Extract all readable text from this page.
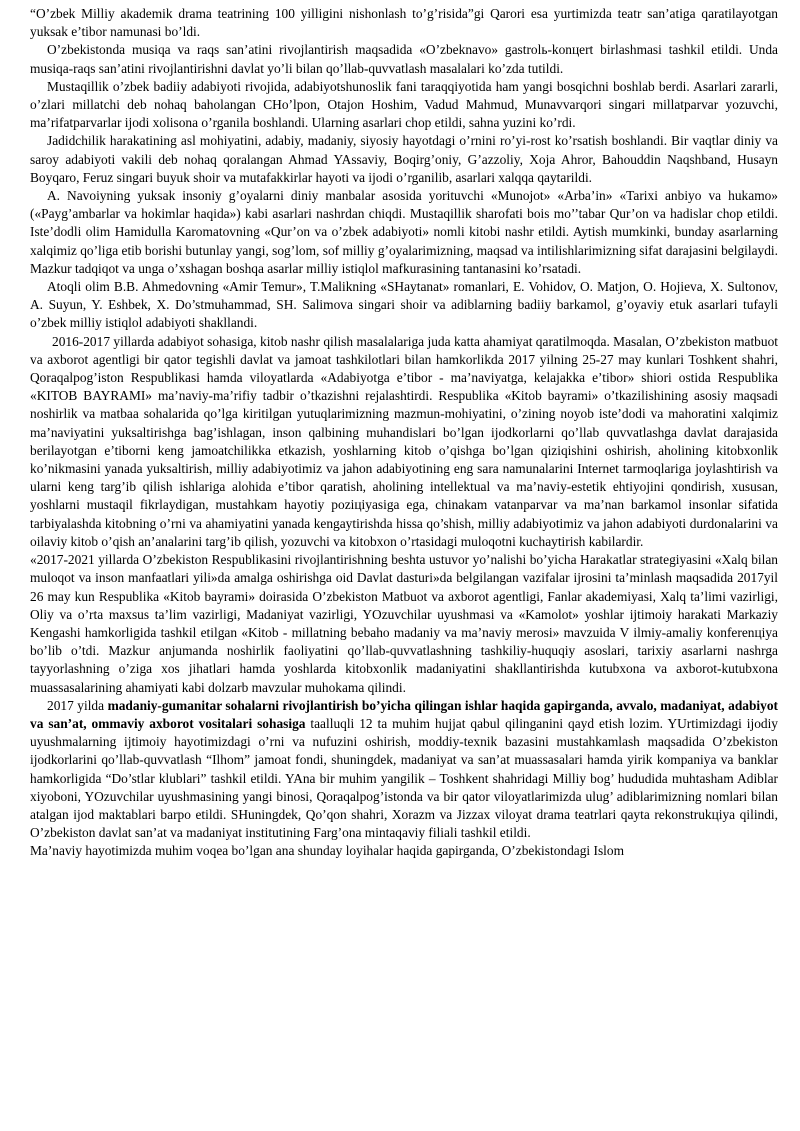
“O’zbek Milliy akademik drama teatrining 100 yilligini nishonlash to’g’risida”gi Qarori esa yurtimizda teatr san’atiga qaratilayotgan yuksak e’tibor namunasi bo’ldi.

O’zbekistonda musiqa va raqs san’atini rivojlantirish maqsadida «O’zbeknavo» gastrolь-konцert birlashmasi tashkil etildi. Unda musiqa-raqs san’atini rivojlantirishni davlat yo’li bilan qo’llab-quvvatlash masalalari ko’zda tutildi.

Mustaqillik o’zbek badiiy adabiyoti rivojida, adabiyotshunoslik fani taraqqiyotida ham yangi bosqichni boshlab berdi. Asarlari zararli, o’zlari millatchi deb nohaq baholangan CHo’lpon, Otajon Hoshim, Vadud Mahmud, Munavvarqori singari millatparvar yozuvchi, ma’rifatparvarlar ijodi xolisona o’rganila boshlandi. Ularning asarlari chop etildi, sahna yuzini ko’rdi.

Jadidchilik harakatining asl mohiyatini, adabiy, madaniy, siyosiy hayotdagi o’rnini ro’yi-rost ko’rsatish boshlandi. Bir vaqtlar diniy va saroy adabiyoti vakili deb nohaq qoralangan Ahmad YAssaviy, Boqirg’oniy, G’azzoliy, Xoja Ahror, Bahouddin Naqshband, Husayn Boyqaro, Feruz singari buyuk shoir va mutafakkirlar hayoti va ijodi o’rganilib, asarlari xalqqa qaytarildi.

A. Navoiyning yuksak insoniy g’oyalarni diniy manbalar asosida yorituvchi «Munojot» «Arba’in» «Tarixi anbiyo va hukamo» («Payg’ambarlar va hokimlar haqida») kabi asarlari nashrdan chiqdi. Mustaqillik sharofati bois mo’’tabar Qur’on va hadislar chop etildi. Iste’dodli olim Hamidulla Karomatovning «Qur’on va o’zbek adabiyoti» nomli kitobi nashr etildi. Aytish mumkinki, bunday asarlarning xalqimiz qo’liga etib borishi butunlay yangi, sog’lom, sof milliy g’oyalarimizning, maqsad va intilishlarimizning sifat darajasini belgilaydi. Mazkur tadqiqot va unga o’xshagan boshqa asarlar milliy istiqlol mafkurasining tantanasini ko’rsatadi.

Atoqli olim B.B. Ahmedovning «Amir Temur», T.Malikning «SHaytanat» romanlari, E. Vohidov, O. Matjon, O. Hojieva, X. Sultonov, A. Suyun, Y. Eshbek, X. Do’stmuhammad, SH. Salimova singari shoir va adiblarning badiiy barkamol, g’oyaviy etuk asarlari tufayli o’zbek milliy istiqlol adabiyoti shakllandi.

2016-2017 yillarda adabiyot sohasiga, kitob nashr qilish masalalariga juda katta ahamiyat qaratilmoqda. Masalan, O’zbekiston matbuot va axborot agentligi bir qator tegishli davlat va jamoat tashkilotlari bilan hamkorlikda 2017 yilning 25-27 may kunlari Toshkent shahri, Qoraqalpog’iston Respublikasi hamda viloyatlarda «Adabiyotga e’tibor - ma’naviyatga, kelajakka e’tibor» shiori ostida Respublika «KITOB BAYRAMI» ma’naviy-ma’rifiy tadbir o’tkazishni rejalashtirdi. Respublika «Kitob bayrami» o’tkazilishining asosiy maqsadi noshirlik va matbaa sohalarida qo’lga kiritilgan yutuqlarimizning mazmun-mohiyatini, o’zining noyob iste’dodi va mahoratini xalqimiz ma’naviyatini yuksaltirishga bag’ishlagan, inson qalbining muhandislari bo’lgan ijodkorlarni qo’llab quvvatlashga davlat darajasida berilayotgan e’tiborni keng jamoatchilikka etkazish, yoshlarning kitob o’qishga bo’lgan qiziqishini oshirish, aholining kitobxonlik ko’nikmasini yanada yuksaltirish, milliy adabiyotimiz va jahon adabiyotining eng sara namunalarini Internet tarmoqlariga joylashtirish va ularni keng targ’ib qilish ishlariga alohida e’tibor qaratish, aholining intellektual va ma’naviy-estetik ehtiyojini qondirish, xususan, yoshlarni mustaqil fikrlaydigan, mustahkam hayotiy poziцiyasiga ega, chinakam vatanparvar va ma’nan barkamol insonlar sifatida tarbiyalashda kitobning o’rni va ahamiyatini yanada kengaytirishda hissa qo’shish, milliy adabiyotimiz va jahon adabiyoti durdonalarini va oilaviy kitob o’qish an’analarini targ’ib qilish, yozuvchi va kitobxon o’rtasidagi muloqotni kuchaytirish kabilardir.

«2017-2021 yillarda O’zbekiston Respublikasini rivojlantirishning beshta ustuvor yo’nalishi bo’yicha Harakatlar strategiyasini «Xalq bilan muloqot va inson manfaatlari yili»da amalga oshirishga oid Davlat dasturi»da belgilangan vazifalar ijrosini ta’minlash maqsadida 2017yil 26 may kun Respublika «Kitob bayrami» doirasida O’zbekiston Matbuot va axborot agentligi, Fanlar akademiyasi, Xalq ta’limi vazirligi, Oliy va o’rta maxsus ta’lim vazirligi, Madaniyat vazirligi, YOzuvchilar uyushmasi va «Kamolot» yoshlar ijtimoiy harakati Markaziy Kengashi hamkorligida tashkil etilgan «Kitob - millatning bebaho madaniy va ma’naviy merosi» mavzuida V ilmiy-amaliy konferenцiya bo’lib o’tdi. Mazkur anjumanda noshirlik faoliyatini qo’llab-quvvatlashning tashkiliy-huquqiy asoslari, tarixiy asarlarni nashrga tayyorlashning o’ziga xos jihatlari hamda yoshlarda kitobxonlik madaniyatini shakllantirishda kutubxona va axborot-kutubxona muassasalarining ahamiyati kabi dolzarb mavzular muhokama qilindi.

2017 yilda madaniy-gumanitar sohalarni rivojlantirish bo’yicha qilingan ishlar haqida gapirganda, avvalo, madaniyat, adabiyot va san’at, ommaviy axborot vositalari sohasiga taalluqli 12 ta muhim hujjat qabul qilinganini qayd etish lozim. YUrtimizdagi ijodiy uyushmalarning ijtimoiy hayotimizdagi o’rni va nufuzini oshirish, moddiy-texnik bazasini mustahkamlash maqsadida O’zbekiston ijodkorlarini qo’llab-quvvatlash “Ilhom” jamoat fondi, shuningdek, madaniyat va san’at muassasalari hamda yirik kompaniya va banklar hamkorligida “Do’stlar klublari” tashkil etildi. YAna bir muhim yangilik – Toshkent shahridagi Milliy bog’ hududida muhtasham Adiblar xiyoboni, YOzuvchilar uyushmasining yangi binosi, Qoraqalpog’istonda va bir qator viloyatlarimizda ulug’ adiblarimizning nomlari bilan atalgan ijod maktablari barpo etildi. SHuningdek, Qo’qon shahri, Xorazm va Jizzax viloyat drama teatrlari qayta rekonstrukцiya qilindi, O’zbekiston davlat san’at va madaniyat institutining Farg’ona mintaqaviy filiali tashkil etildi.

Ma’naviy hayotimizda muhim voqea bo’lgan ana shunday loyihalar haqida gapirganda, O’zbekistondagi Islom
